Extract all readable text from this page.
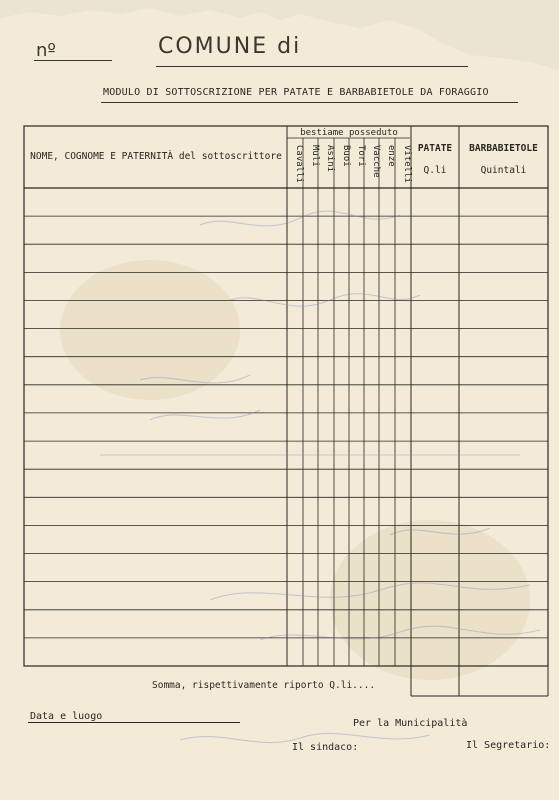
nº	COMUNE di
MODULO DI SOTTOSCRIZIONE PER PATATE E BARBABIETOLE DA FORAGGIO
NOME, COGNOME E PATERNITÀ del sottoscrittore
bestiame posseduto
Cavalli Muli Asini Buoi Tori Vacche enze Vitelli PATATE
Q.li
BARBABIETOLE
Quintali
Somma, rispettivamente riporto Q.li....
Data e luogo
Per la Municipalità
Il sindaco:	Il Segretario:
